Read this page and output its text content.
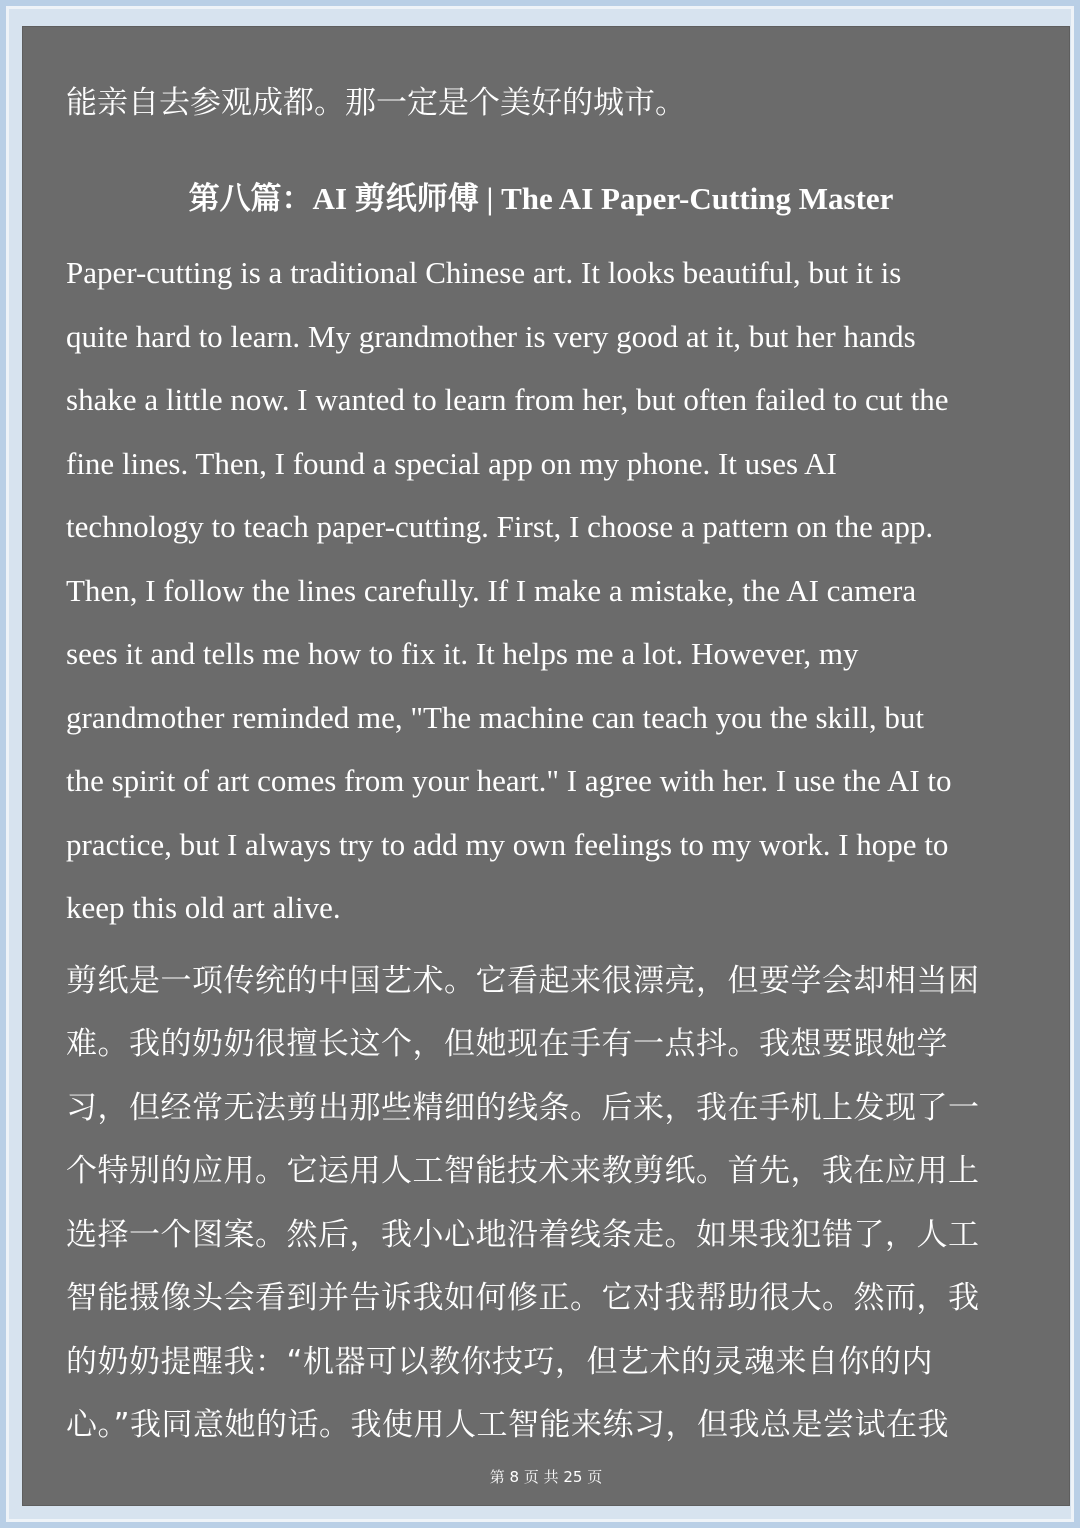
能亲自去参观成都。那一定是个美好的城市。
第八篇：AI 剪纸师傅 | The AI Paper-Cutting Master
Paper-cutting is a traditional Chinese art. It looks beautiful, but it is
quite hard to learn. My grandmother is very good at it, but her hands
shake a little now. I wanted to learn from her, but often failed to cut the
fine lines. Then, I found a special app on my phone. It uses AI
technology to teach paper-cutting. First, I choose a pattern on the app.
Then, I follow the lines carefully. If I make a mistake, the AI camera
sees it and tells me how to fix it. It helps me a lot. However, my
grandmother reminded me, "The machine can teach you the skill, but
the spirit of art comes from your heart." I agree with her. I use the AI to
practice, but I always try to add my own feelings to my work. I hope to
keep this old art alive.
剪纸是一项传统的中国艺术。它看起来很漂亮，但要学会却相当困
难。我的奶奶很擅长这个，但她现在手有一点抖。我想要跟她学
习，但经常无法剪出那些精细的线条。后来，我在手机上发现了一
个特别的应用。它运用人工智能技术来教剪纸。首先，我在应用上
选择一个图案。然后，我小心地沿着线条走。如果我犯错了，人工
智能摄像头会看到并告诉我如何修正。它对我帮助很大。然而，我
的奶奶提醒我：“机器可以教你技巧，但艺术的灵魂来自你的内
心。”我同意她的话。我使用人工智能来练习，但我总是尝试在我
第 8 页 共 25 页
